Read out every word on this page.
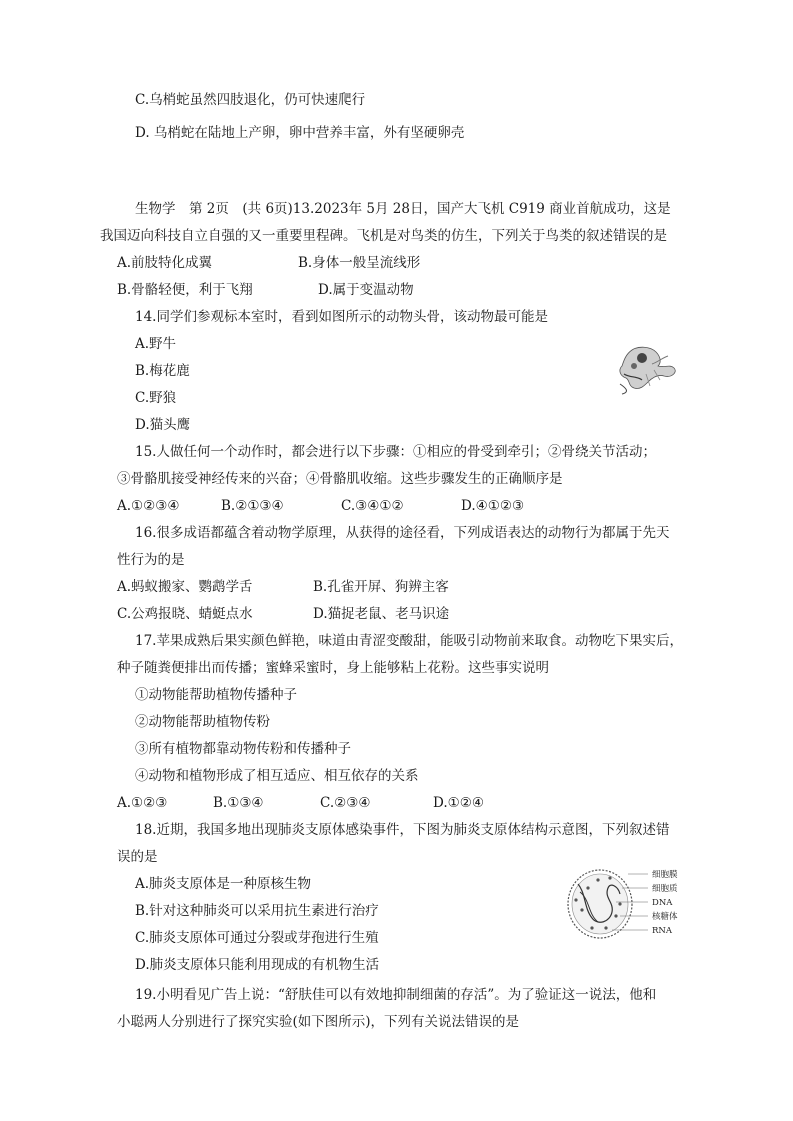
C.乌梢蛇虽然四肢退化，仍可快速爬行
D. 乌梢蛇在陆地上产卵，卵中营养丰富，外有坚硬卵壳
生物学　第 2页　(共 6页)13.2023年 5月 28日，国产大飞机 C919 商业首航成功，这是
我国迈向科技自立自强的又一重要里程碑。飞机是对鸟类的仿生，下列关于鸟类的叙述错误的是
A.前肢特化成翼	B.身体一般呈流线形
B.骨骼轻便，利于飞翔	D.属于变温动物
14.同学们参观标本室时，看到如图所示的动物头骨，该动物最可能是
A.野牛
B.梅花鹿
C.野狼
D.猫头鹰
15.人做任何一个动作时，都会进行以下步骤：①相应的骨受到牵引；②骨绕关节活动；
③骨骼肌接受神经传来的兴奋；④骨骼肌收缩。这些步骤发生的正确顺序是
A.①②③④	B.②①③④	C.③④①②	D.④①②③
16.很多成语都蕴含着动物学原理，从获得的途径看，下列成语表达的动物行为都属于先天
性行为的是
A.蚂蚁搬家、鹦鹉学舌	B.孔雀开屏、狗辨主客
C.公鸡报晓、蜻蜓点水	D.猫捉老鼠、老马识途
17.苹果成熟后果实颜色鲜艳，味道由青涩变酸甜，能吸引动物前来取食。动物吃下果实后，
种子随粪便排出而传播；蜜蜂采蜜时，身上能够粘上花粉。这些事实说明
①动物能帮助植物传播种子
②动物能帮助植物传粉
③所有植物都靠动物传粉和传播种子
④动物和植物形成了相互适应、相互依存的关系
A.①②③	B.①③④	C.②③④	D.①②④
18.近期，我国多地出现肺炎支原体感染事件，下图为肺炎支原体结构示意图，下列叙述错
误的是
A.肺炎支原体是一种原核生物
B.针对这种肺炎可以采用抗生素进行治疗
C.肺炎支原体可通过分裂或芽孢进行生殖
D.肺炎支原体只能利用现成的有机物生活
细胞膜
细胞质
DNA
核糖体
RNA
19.小明看见广告上说：“舒肤佳可以有效地抑制细菌的存活”。为了验证这一说法，他和
小聪两人分别进行了探究实验(如下图所示)，下列有关说法错误的是
